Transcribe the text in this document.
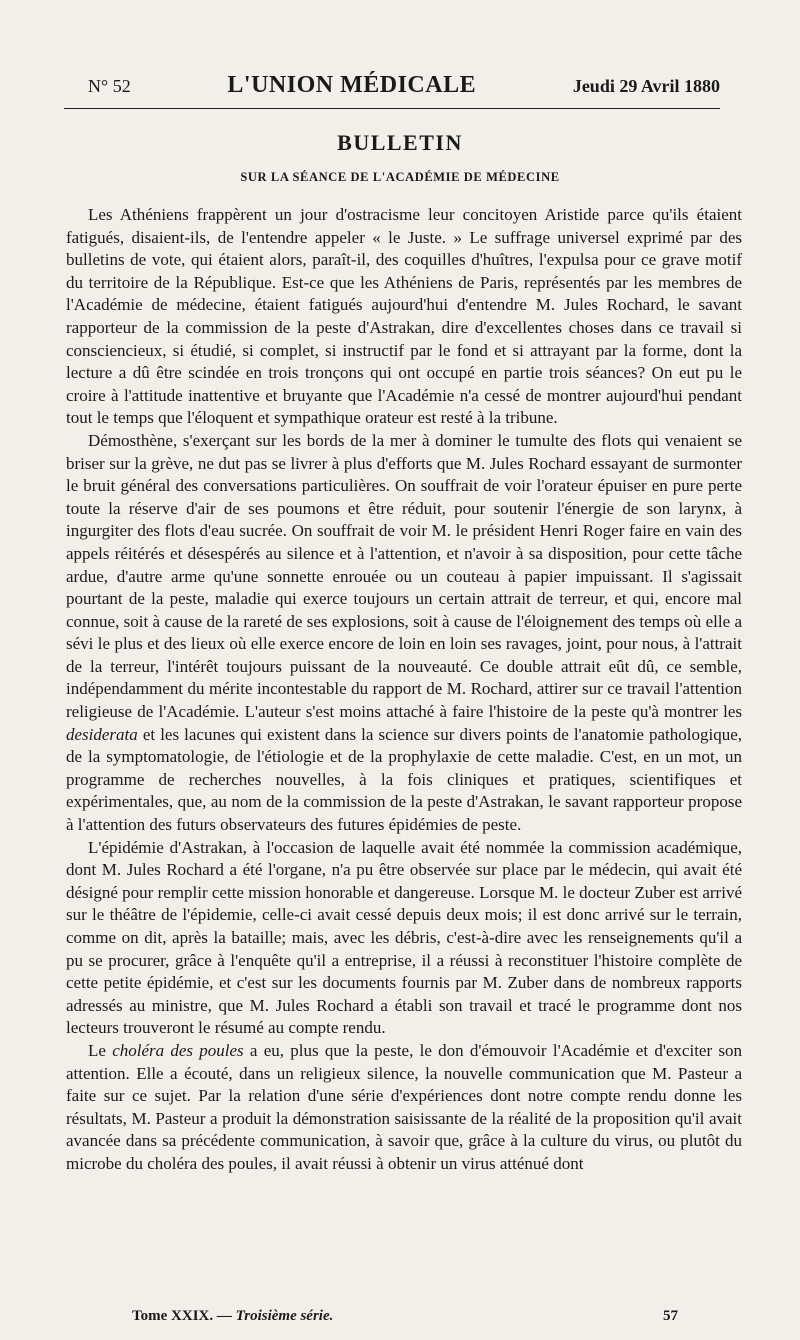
N° 52	L'UNION MÉDICALE	Jeudi 29 Avril 1880
BULLETIN
SUR LA SÉANCE DE L'ACADÉMIE DE MÉDECINE

Les Athéniens frappèrent un jour d'ostracisme leur concitoyen Aristide parce qu'ils étaient fatigués, disaient-ils, de l'entendre appeler « le Juste. » Le suffrage universel exprimé par des bulletins de vote, qui étaient alors, paraît-il, des coquilles d'huîtres, l'expulsa pour ce grave motif du territoire de la République. Est-ce que les Athéniens de Paris, représentés par les membres de l'Académie de médecine, étaient fatigués aujourd'hui d'entendre M. Jules Rochard, le savant rapporteur de la commission de la peste d'Astrakan, dire d'excellentes choses dans ce travail si consciencieux, si étudié, si complet, si instructif par le fond et si attrayant par la forme, dont la lecture a dû être scindée en trois tronçons qui ont occupé en partie trois séances? On eut pu le croire à l'attitude inattentive et bruyante que l'Académie n'a cessé de montrer aujourd'hui pendant tout le temps que l'éloquent et sympathique orateur est resté à la tribune.

Démosthène, s'exerçant sur les bords de la mer à dominer le tumulte des flots qui venaient se briser sur la grève, ne dut pas se livrer à plus d'efforts que M. Jules Rochard essayant de surmonter le bruit général des conversations particulières. On souffrait de voir l'orateur épuiser en pure perte toute la réserve d'air de ses poumons et être réduit, pour soutenir l'énergie de son larynx, à ingurgiter des flots d'eau sucrée. On souffrait de voir M. le président Henri Roger faire en vain des appels réitérés et désespérés au silence et à l'attention, et n'avoir à sa disposition, pour cette tâche ardue, d'autre arme qu'une sonnette enrouée ou un couteau à papier impuissant. Il s'agissait pourtant de la peste, maladie qui exerce toujours un certain attrait de terreur, et qui, encore mal connue, soit à cause de la rareté de ses explosions, soit à cause de l'éloignement des temps où elle a sévi le plus et des lieux où elle exerce encore de loin en loin ses ravages, joint, pour nous, à l'attrait de la terreur, l'intérêt toujours puissant de la nouveauté. Ce double attrait eût dû, ce semble, indépendamment du mérite incontestable du rapport de M. Rochard, attirer sur ce travail l'attention religieuse de l'Académie. L'auteur s'est moins attaché à faire l'histoire de la peste qu'à montrer les desiderata et les lacunes qui existent dans la science sur divers points de l'anatomie pathologique, de la symptomatologie, de l'étiologie et de la prophylaxie de cette maladie. C'est, en un mot, un programme de recherches nouvelles, à la fois cliniques et pratiques, scientifiques et expérimentales, que, au nom de la commission de la peste d'Astrakan, le savant rapporteur propose à l'attention des futurs observateurs des futures épidémies de peste.

L'épidémie d'Astrakan, à l'occasion de laquelle avait été nommée la commission académique, dont M. Jules Rochard a été l'organe, n'a pu être observée sur place par le médecin, qui avait été désigné pour remplir cette mission honorable et dangereuse. Lorsque M. le docteur Zuber est arrivé sur le théâtre de l'épidemie, celle-ci avait cessé depuis deux mois; il est donc arrivé sur le terrain, comme on dit, après la bataille; mais, avec les débris, c'est-à-dire avec les renseignements qu'il a pu se procurer, grâce à l'enquête qu'il a entreprise, il a réussi à reconstituer l'histoire complète de cette petite épidémie, et c'est sur les documents fournis par M. Zuber dans de nombreux rapports adressés au ministre, que M. Jules Rochard a établi son travail et tracé le programme dont nos lecteurs trouveront le résumé au compte rendu.

Le choléra des poules a eu, plus que la peste, le don d'émouvoir l'Académie et d'exciter son attention. Elle a écouté, dans un religieux silence, la nouvelle communication que M. Pasteur a faite sur ce sujet. Par la relation d'une série d'expériences dont notre compte rendu donne les résultats, M. Pasteur a produit la démonstration saisissante de la réalité de la proposition qu'il avait avancée dans sa précédente communication, à savoir que, grâce à la culture du virus, ou plutôt du microbe du choléra des poules, il avait réussi à obtenir un virus atténué dont

Tome XXIX. — Troisième série.	57
